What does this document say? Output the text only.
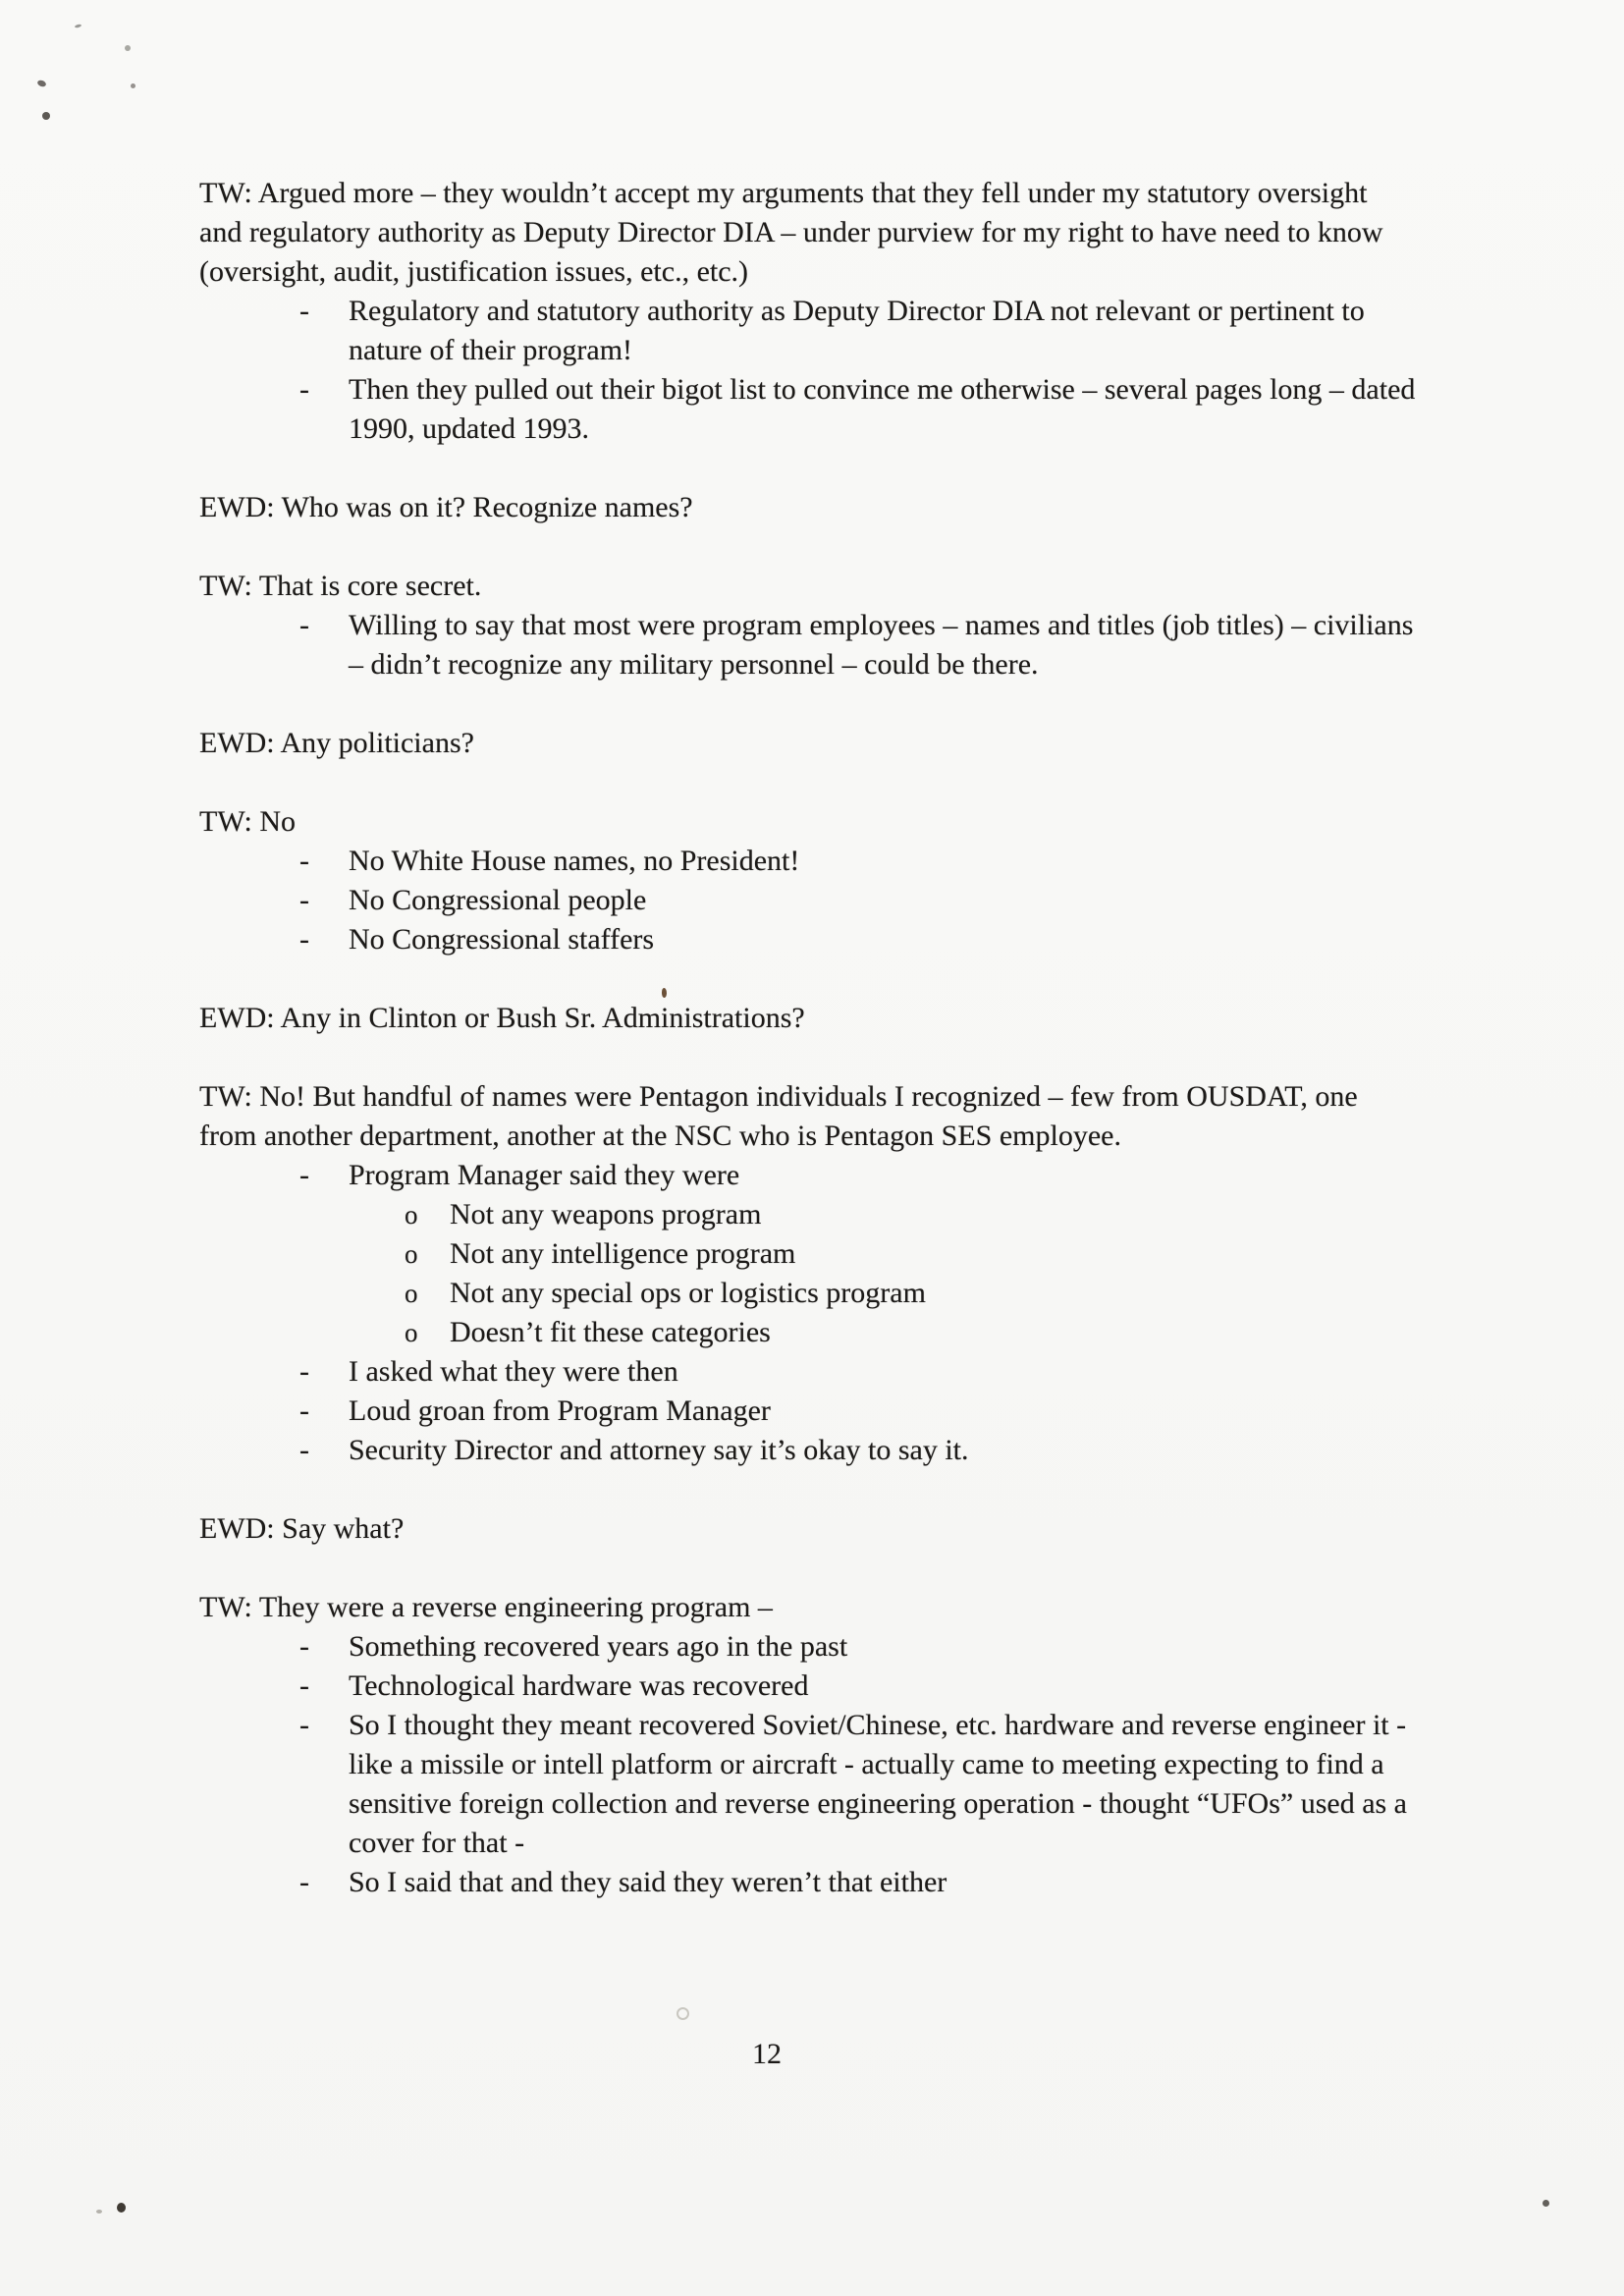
TW: Argued more – they wouldn’t accept my arguments that they fell under my statutory oversight and regulatory authority as Deputy Director DIA – under purview for my right to have need to know (oversight, audit, justification issues, etc., etc.)

-	Regulatory and statutory authority as Deputy Director DIA not relevant or pertinent to nature of their program!
-	Then they pulled out their bigot list to convince me otherwise – several pages long – dated 1990, updated 1993.

EWD: Who was on it? Recognize names?

TW: That is core secret.

-	Willing to say that most were program employees – names and titles (job titles) – civilians – didn’t recognize any military personnel – could be there.

EWD: Any politicians?

TW: No

-	No White House names, no President!
-	No Congressional people
-	No Congressional staffers

EWD: Any in Clinton or Bush Sr. Administrations?

TW: No! But handful of names were Pentagon individuals I recognized – few from OUSDAT, one from another department, another at the NSC who is Pentagon SES employee.

-	Program Manager said they were
o	Not any weapons program
o	Not any intelligence program
o	Not any special ops or logistics program
o	Doesn’t fit these categories
-	I asked what they were then
-	Loud groan from Program Manager
-	Security Director and attorney say it’s okay to say it.

EWD: Say what?

TW: They were a reverse engineering program –

-	Something recovered years ago in the past
-	Technological hardware was recovered
-	So I thought they meant recovered Soviet/Chinese, etc. hardware and reverse engineer it - like a missile or intell platform or aircraft - actually came to meeting expecting to find a sensitive foreign collection and reverse engineering operation - thought “UFOs” used as a cover for that -
-	So I said that and they said they weren’t that either
12
